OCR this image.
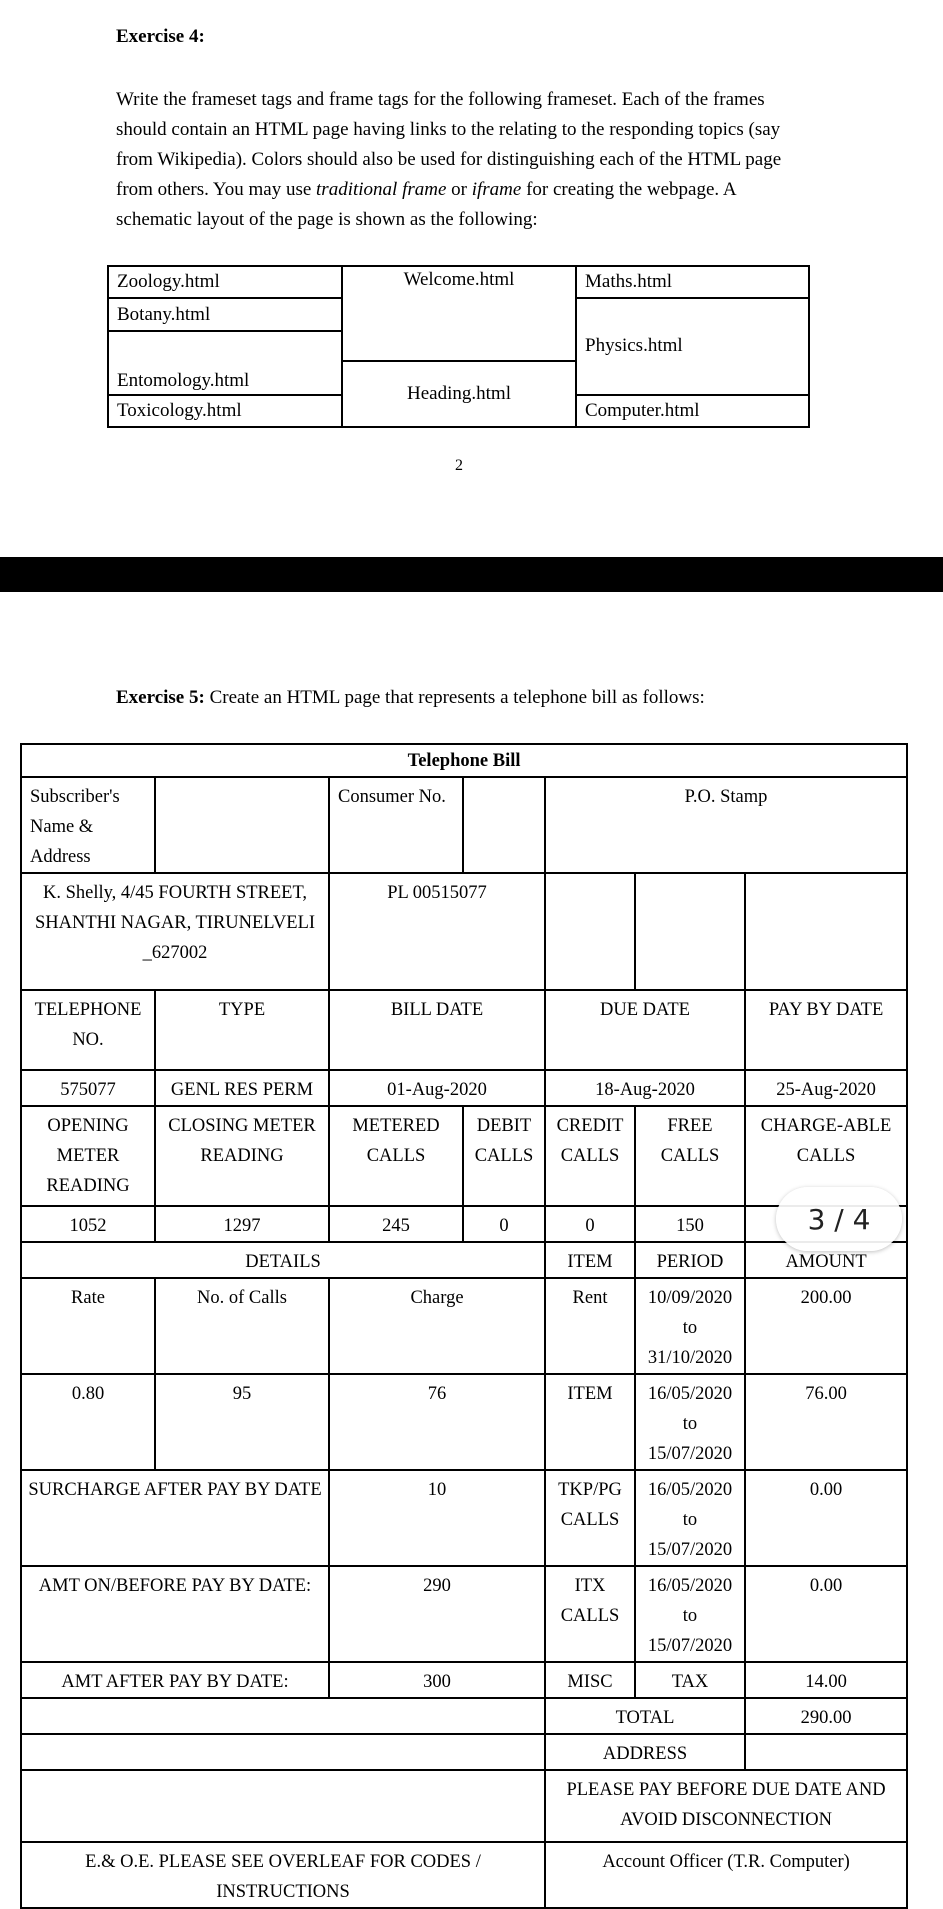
Exercise 4:
Write the frameset tags and frame tags for the following frameset. Each of the frames should contain an HTML page having links to the relating to the responding topics (say from Wikipedia). Colors should also be used for distinguishing each of the HTML page from others. You may use traditional frame or iframe for creating the webpage. A schematic layout of the page is shown as the following:
Zoology.html	Welcome.html	Maths.html
Botany.html		Physics.html
Entomology.html		
	Heading.html	
Toxicology.html		Computer.html
2
Exercise 5: Create an HTML page that represents a telephone bill as follows:
Telephone Bill						
Subscriber's Name & Address		Consumer No.		P.O. Stamp		
K. Shelly, 4/45 FOURTH STREET, SHANTHI NAGAR, TIRUNELVELI _627002		PL 00515077				
TELEPHONE NO.	TYPE	BILL DATE		DUE DATE		PAY BY DATE
575077	GENL RES PERM	01-Aug-2020		18-Aug-2020		25-Aug-2020
OPENING METER READING	CLOSING METER READING	METERED CALLS	DEBIT CALLS	CREDIT CALLS	FREE CALLS	CHARGE-ABLE CALLS
1052	1297	245	0	0	150	
DETAILS				ITEM	PERIOD	AMOUNT
Rate	No. of Calls	Charge		Rent	10/09/2020 to 31/10/2020	200.00
0.80	95	76		ITEM	16/05/2020 to 15/07/2020	76.00
SURCHARGE AFTER PAY BY DATE		10		TKP/PG CALLS	16/05/2020 to 15/07/2020	0.00
AMT ON/BEFORE PAY BY DATE:		290		ITX CALLS	16/05/2020 to 15/07/2020	0.00
AMT AFTER PAY BY DATE:		300		MISC	TAX	14.00
				TOTAL		290.00
				ADDRESS		
				PLEASE PAY BEFORE DUE DATE AND AVOID DISCONNECTION		
E.& O.E. PLEASE SEE OVERLEAF FOR CODES / INSTRUCTIONS				Account Officer (T.R. Computer)		
3 / 4
